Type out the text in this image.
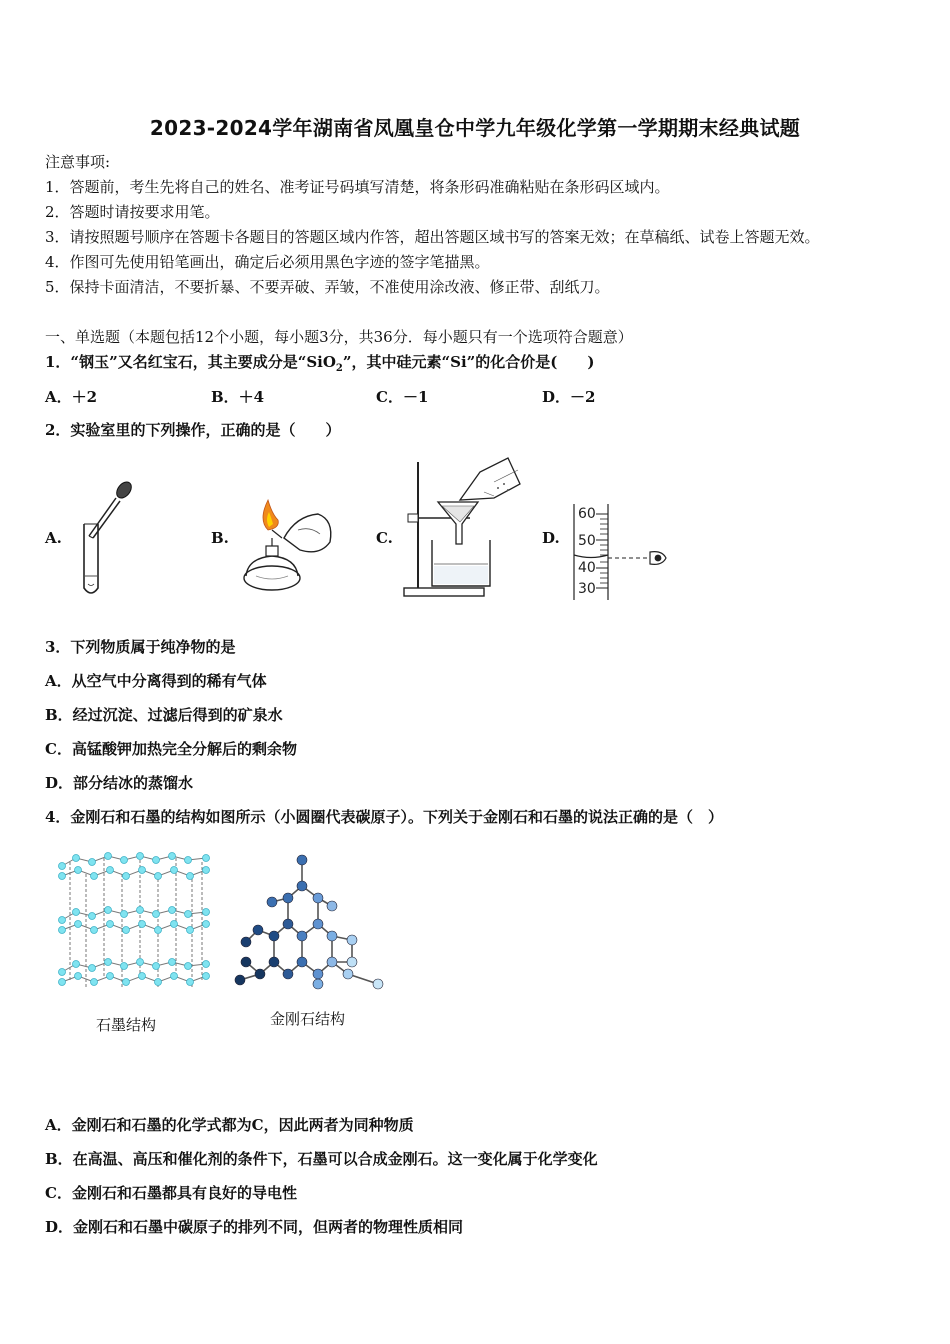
2023-2024学年湖南省凤凰皇仓中学九年级化学第一学期期末经典试题
注意事项:
1．答题前，考生先将自己的姓名、准考证号码填写清楚，将条形码准确粘贴在条形码区域内。
2．答题时请按要求用笔。
3．请按照题号顺序在答题卡各题目的答题区域内作答，超出答题区域书写的答案无效；在草稿纸、试卷上答题无效。
4．作图可先使用铅笔画出，确定后必须用黑色字迹的签字笔描黑。
5．保持卡面清洁，不要折暴、不要弄破、弄皱，不准使用涂改液、修正带、刮纸刀。
一、单选题（本题包括12个小题，每小题3分，共36分．每小题只有一个选项符合题意）
1．“钢玉”又名红宝石，其主要成分是“SiO$_2$”，其中硅元素“Si”的化合价是(　　)
A．＋2	B．＋4	C．－1	D．－2
2．实验室里的下列操作，正确的是（　　）
A.	B.	C.	D.
60
50
40
30
3．下列物质属于纯净物的是
A．从空气中分离得到的稀有气体
B．经过沉淀、过滤后得到的矿泉水
C．高锰酸钾加热完全分解后的剩余物
D．部分结冰的蒸馏水
4．金刚石和石墨的结构如图所示（小圆圈代表碳原子）。下列关于金刚石和石墨的说法正确的是（　）
石墨结构	金刚石结构
A．金刚石和石墨的化学式都为C，因此两者为同种物质
B．在高温、高压和催化剂的条件下，石墨可以合成金刚石。这一变化属于化学变化
C．金刚石和石墨都具有良好的导电性
D．金刚石和石墨中碳原子的排列不同，但两者的物理性质相同
